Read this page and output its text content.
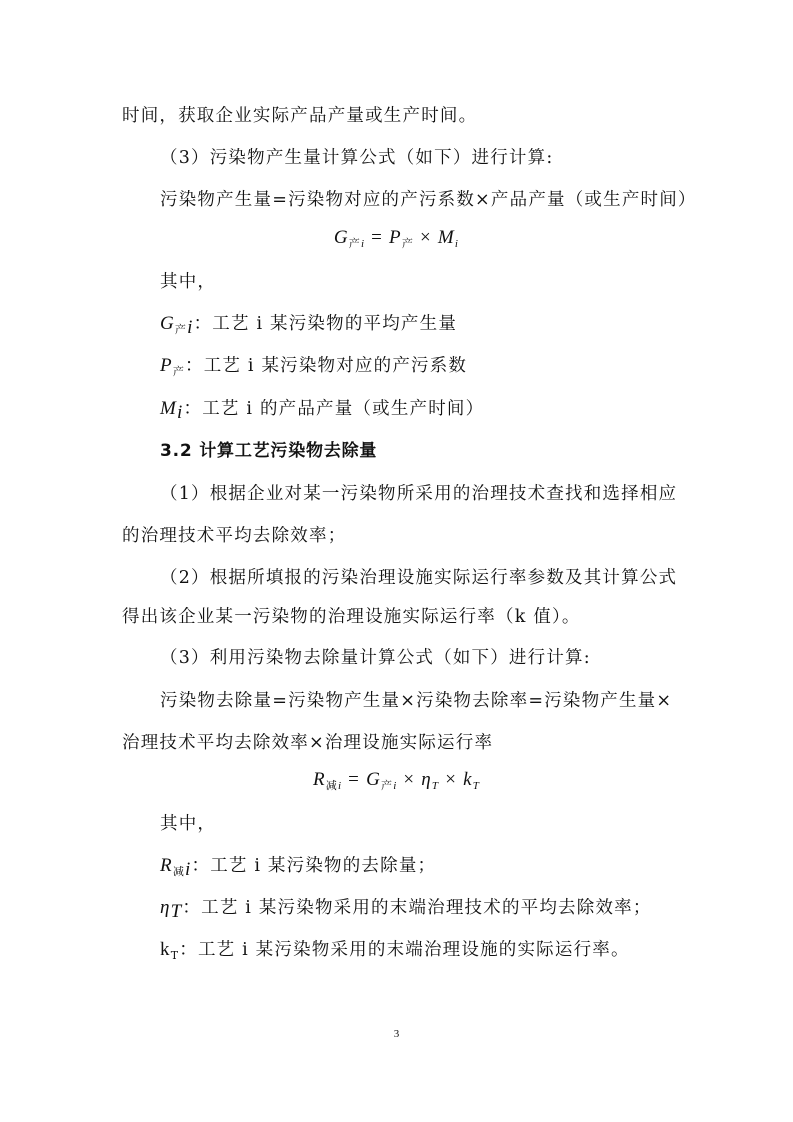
时间，获取企业实际产品产量或生产时间。
（3）污染物产生量计算公式（如下）进行计算:
污染物产生量=污染物对应的产污系数×产品产量（或生产时间）
$G_{产i} = P_产 \times M_i$
其中，
$G_{产i}$：工艺 i 某污染物的平均产生量
$P_产$：工艺 i 某污染物对应的产污系数
$M_i$：工艺 i 的产品产量（或生产时间）
3.2 计算工艺污染物去除量
（1）根据企业对某一污染物所采用的治理技术查找和选择相应
的治理技术平均去除效率；
（2）根据所填报的污染治理设施实际运行率参数及其计算公式
得出该企业某一污染物的治理设施实际运行率（k 值）。
（3）利用污染物去除量计算公式（如下）进行计算:
污染物去除量=污染物产生量×污染物去除率=污染物产生量×
治理技术平均去除效率×治理设施实际运行率
$R_{减i} = G_{产i} \times \eta_T \times k_T$
其中，
$R_{减i}$：工艺 i 某污染物的去除量；
$\eta_T$：工艺 i 某污染物采用的末端治理技术的平均去除效率；
$k_T$：工艺 i 某污染物采用的末端治理设施的实际运行率。
3
